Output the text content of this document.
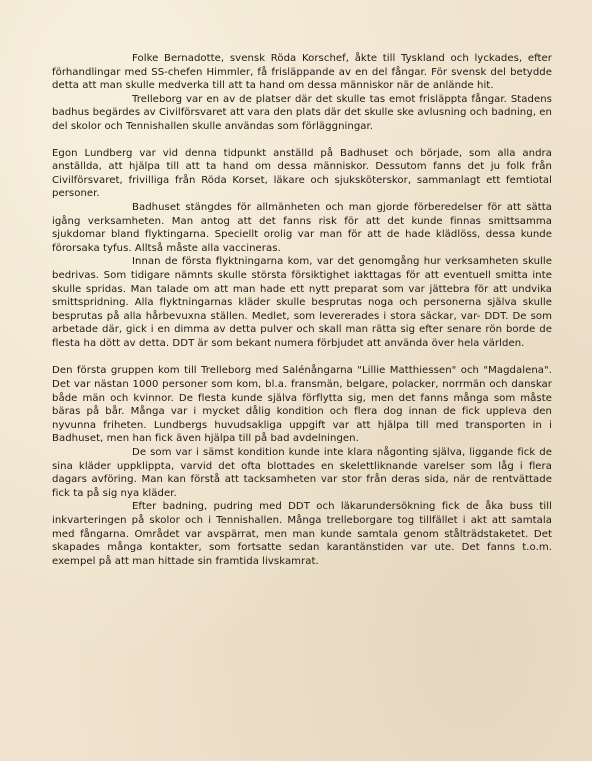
Folke Bernadotte, svensk Röda Korschef, åkte till Tyskland och lyckades, efter förhandlingar med SS-chefen Himmler, få frisläppande av en del fångar. För svensk del betydde detta att man skulle medverka till att ta hand om dessa människor när de anlände hit.

Trelleborg var en av de platser där det skulle tas emot frisläppta fångar. Stadens badhus begärdes av Civilförsvaret att vara den plats där det skulle ske avlusning och badning, en del skolor och Tennishallen skulle användas som förläggningar.

Egon Lundberg var vid denna tidpunkt anställd på Badhuset och började, som alla andra anställda, att hjälpa till att ta hand om dessa människor. Dessutom fanns det ju folk från Civilförsvaret, frivilliga från Röda Korset, läkare och sjuksköterskor, sammanlagt ett femtiotal personer.

Badhuset stängdes för allmänheten och man gjorde förberedelser för att sätta igång verksamheten. Man antog att det fanns risk för att det kunde finnas smittsamma sjukdomar bland flyktingarna. Speciellt orolig var man för att de hade klädlöss, dessa kunde förorsaka tyfus. Alltså måste alla vaccineras.

Innan de första flyktningarna kom, var det genomgång hur verksamheten skulle bedrivas. Som tidigare nämnts skulle största försiktighet iakttagas för att eventuell smitta inte skulle spridas. Man talade om att man hade ett nytt preparat som var jättebra för att undvika smittspridning. Alla flyktningarnas kläder skulle besprutas noga och personerna själva skulle besprutas på alla hårbevuxna ställen. Medlet, som levererades i stora säckar, var- DDT. De som arbetade där, gick i en dimma av detta pulver och skall man rätta sig efter senare rön borde de flesta ha dött av detta. DDT är som bekant numera förbjudet att använda över hela världen.

Den första gruppen kom till Trelleborg med Salénångarna "Lillie Matthiessen" och "Magdalena". Det var nästan 1000 personer som kom, bl.a. fransmän, belgare, polacker, norrmän och danskar både män och kvinnor. De flesta kunde själva förflytta sig, men det fanns många som måste bäras på bår. Många var i mycket dålig kondition och flera dog innan de fick uppleva den nyvunna friheten. Lundbergs huvudsakliga uppgift var att hjälpa till med transporten in i Badhuset, men han fick även hjälpa till på bad avdelningen.

De som var i sämst kondition kunde inte klara någonting själva, liggande fick de sina kläder uppklippta, varvid det ofta blottades en skelettliknande varelser som låg i flera dagars avföring. Man kan förstå att tacksamheten var stor från deras sida, när de rentvättade fick ta på sig nya kläder.

Efter badning, pudring med DDT och läkarundersökning fick de åka buss till inkvarteringen på skolor och i Tennishallen. Många trelleborgare tog tillfället i akt att samtala med fångarna. Området var avspärrat, men man kunde samtala genom stålträdstaketet. Det skapades många kontakter, som fortsatte sedan karantänstiden var ute. Det fanns t.o.m. exempel på att man hittade sin framtida livskamrat.
